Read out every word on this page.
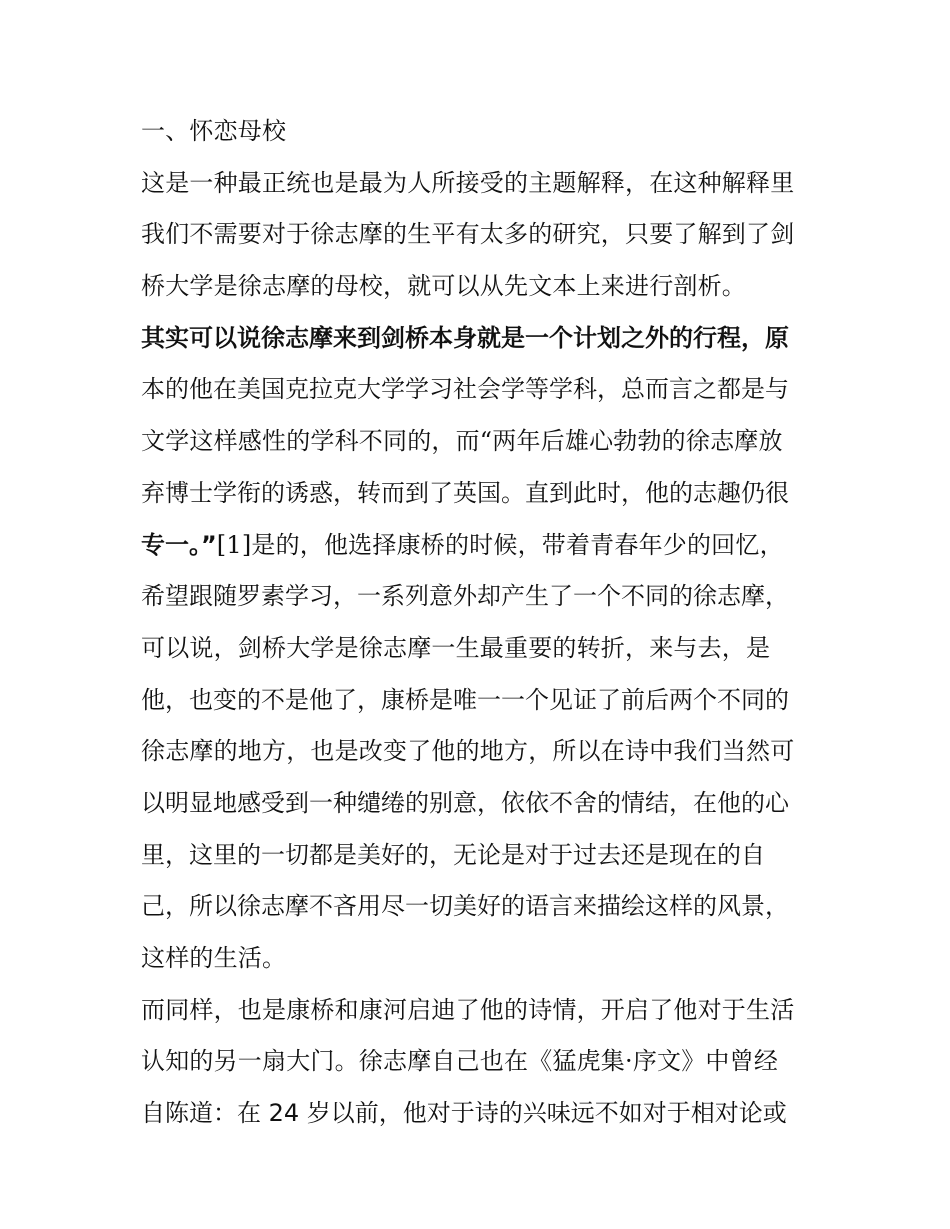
一、怀恋母校
这是一种最正统也是最为人所接受的主题解释，在这种解释里
我们不需要对于徐志摩的生平有太多的研究，只要了解到了剑
桥大学是徐志摩的母校，就可以从先文本上来进行剖析。
其实可以说徐志摩来到剑桥本身就是一个计划之外的行程，原
本的他在美国克拉克大学学习社会学等学科，总而言之都是与
文学这样感性的学科不同的，而“两年后雄心勃勃的徐志摩放
弃博士学衔的诱惑，转而到了英国。直到此时，他的志趣仍很
专一。”[1]是的，他选择康桥的时候，带着青春年少的回忆，
希望跟随罗素学习，一系列意外却产生了一个不同的徐志摩，
可以说，剑桥大学是徐志摩一生最重要的转折，来与去，是
他，也变的不是他了，康桥是唯一一个见证了前后两个不同的
徐志摩的地方，也是改变了他的地方，所以在诗中我们当然可
以明显地感受到一种缱绻的别意，依依不舍的情结，在他的心
里，这里的一切都是美好的，无论是对于过去还是现在的自
己，所以徐志摩不吝用尽一切美好的语言来描绘这样的风景，
这样的生活。
而同样，也是康桥和康河启迪了他的诗情，开启了他对于生活
认知的另一扇大门。徐志摩自己也在《猛虎集·序文》中曾经
自陈道：在 24 岁以前，他对于诗的兴味远不如对于相对论或
